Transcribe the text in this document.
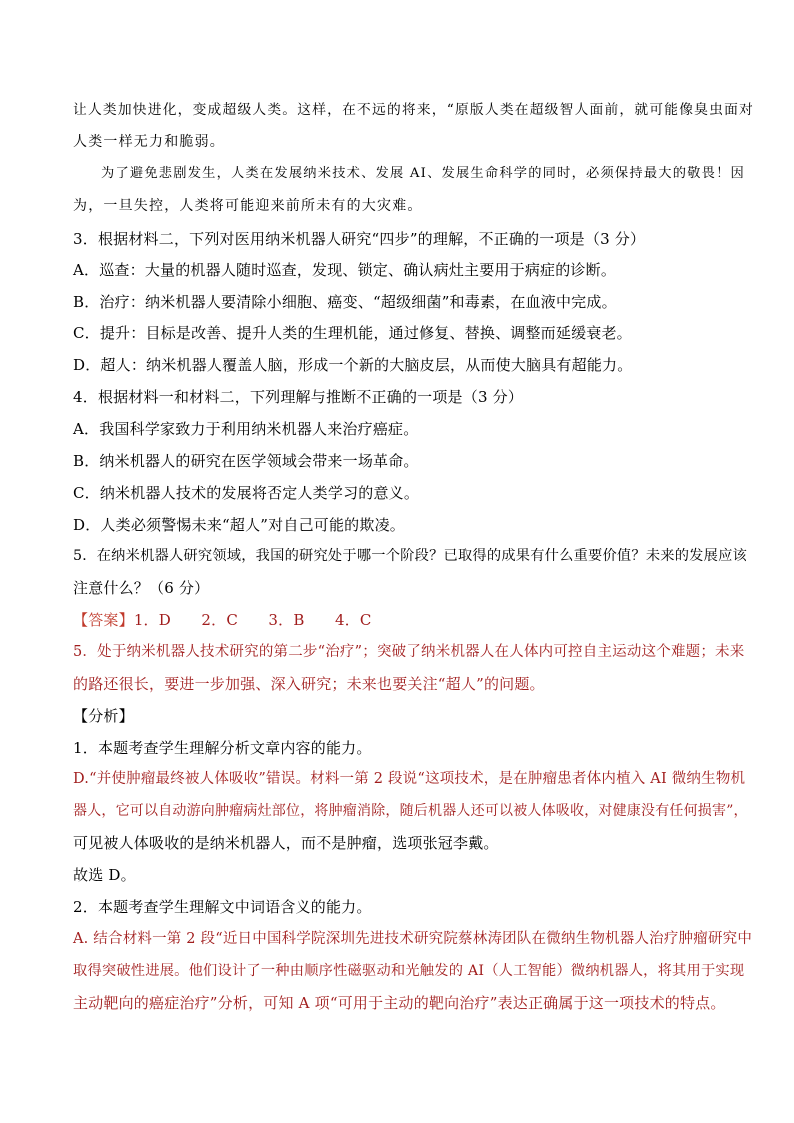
让人类加快进化，变成超级人类。这样，在不远的将来，“原版人类在超级智人面前，就可能像臭虫面对
人类一样无力和脆弱。
为了避免悲剧发生，人类在发展纳米技术、发展 AI、发展生命科学的同时，必须保持最大的敬畏！因
为，一旦失控，人类将可能迎来前所未有的大灾难。
3．根据材料二，下列对医用纳米机器人研究“四步”的理解，不正确的一项是（3 分）
A．巡查：大量的机器人随时巡查，发现、锁定、确认病灶主要用于病症的诊断。
B．治疗：纳米机器人要清除小细胞、癌变、“超级细菌”和毒素，在血液中完成。
C．提升：目标是改善、提升人类的生理机能，通过修复、替换、调整而延缓衰老。
D．超人：纳米机器人覆盖人脑，形成一个新的大脑皮层，从而使大脑具有超能力。
4．根据材料一和材料二，下列理解与推断不正确的一项是（3 分）
A．我国科学家致力于利用纳米机器人来治疗癌症。
B．纳米机器人的研究在医学领域会带来一场革命。
C．纳米机器人技术的发展将否定人类学习的意义。
D．人类必须警惕未来“超人”对自己可能的欺凌。
5．在纳米机器人研究领域，我国的研究处于哪一个阶段？已取得的成果有什么重要价值？未来的发展应该
注意什么？（6 分）
【答案】1．D　　2．C　　3．B　　4．C
5．处于纳米机器人技术研究的第二步“治疗”；突破了纳米机器人在人体内可控自主运动这个难题；未来
的路还很长，要进一步加强、深入研究；未来也要关注“超人”的问题。
【分析】
1．本题考查学生理解分析文章内容的能力。
D.“并使肿瘤最终被人体吸收”错误。材料一第 2 段说“这项技术，是在肿瘤患者体内植入 AI 微纳生物机
器人，它可以自动游向肿瘤病灶部位，将肿瘤消除，随后机器人还可以被人体吸收，对健康没有任何损害”，
可见被人体吸收的是纳米机器人，而不是肿瘤，选项张冠李戴。
故选 D。
2．本题考查学生理解文中词语含义的能力。
A. 结合材料一第 2 段“近日中国科学院深圳先进技术研究院蔡林涛团队在微纳生物机器人治疗肿瘤研究中
取得突破性进展。他们设计了一种由顺序性磁驱动和光触发的 AI（人工智能）微纳机器人，将其用于实现
主动靶向的癌症治疗”分析，可知 A 项“可用于主动的靶向治疗”表达正确属于这一项技术的特点。
